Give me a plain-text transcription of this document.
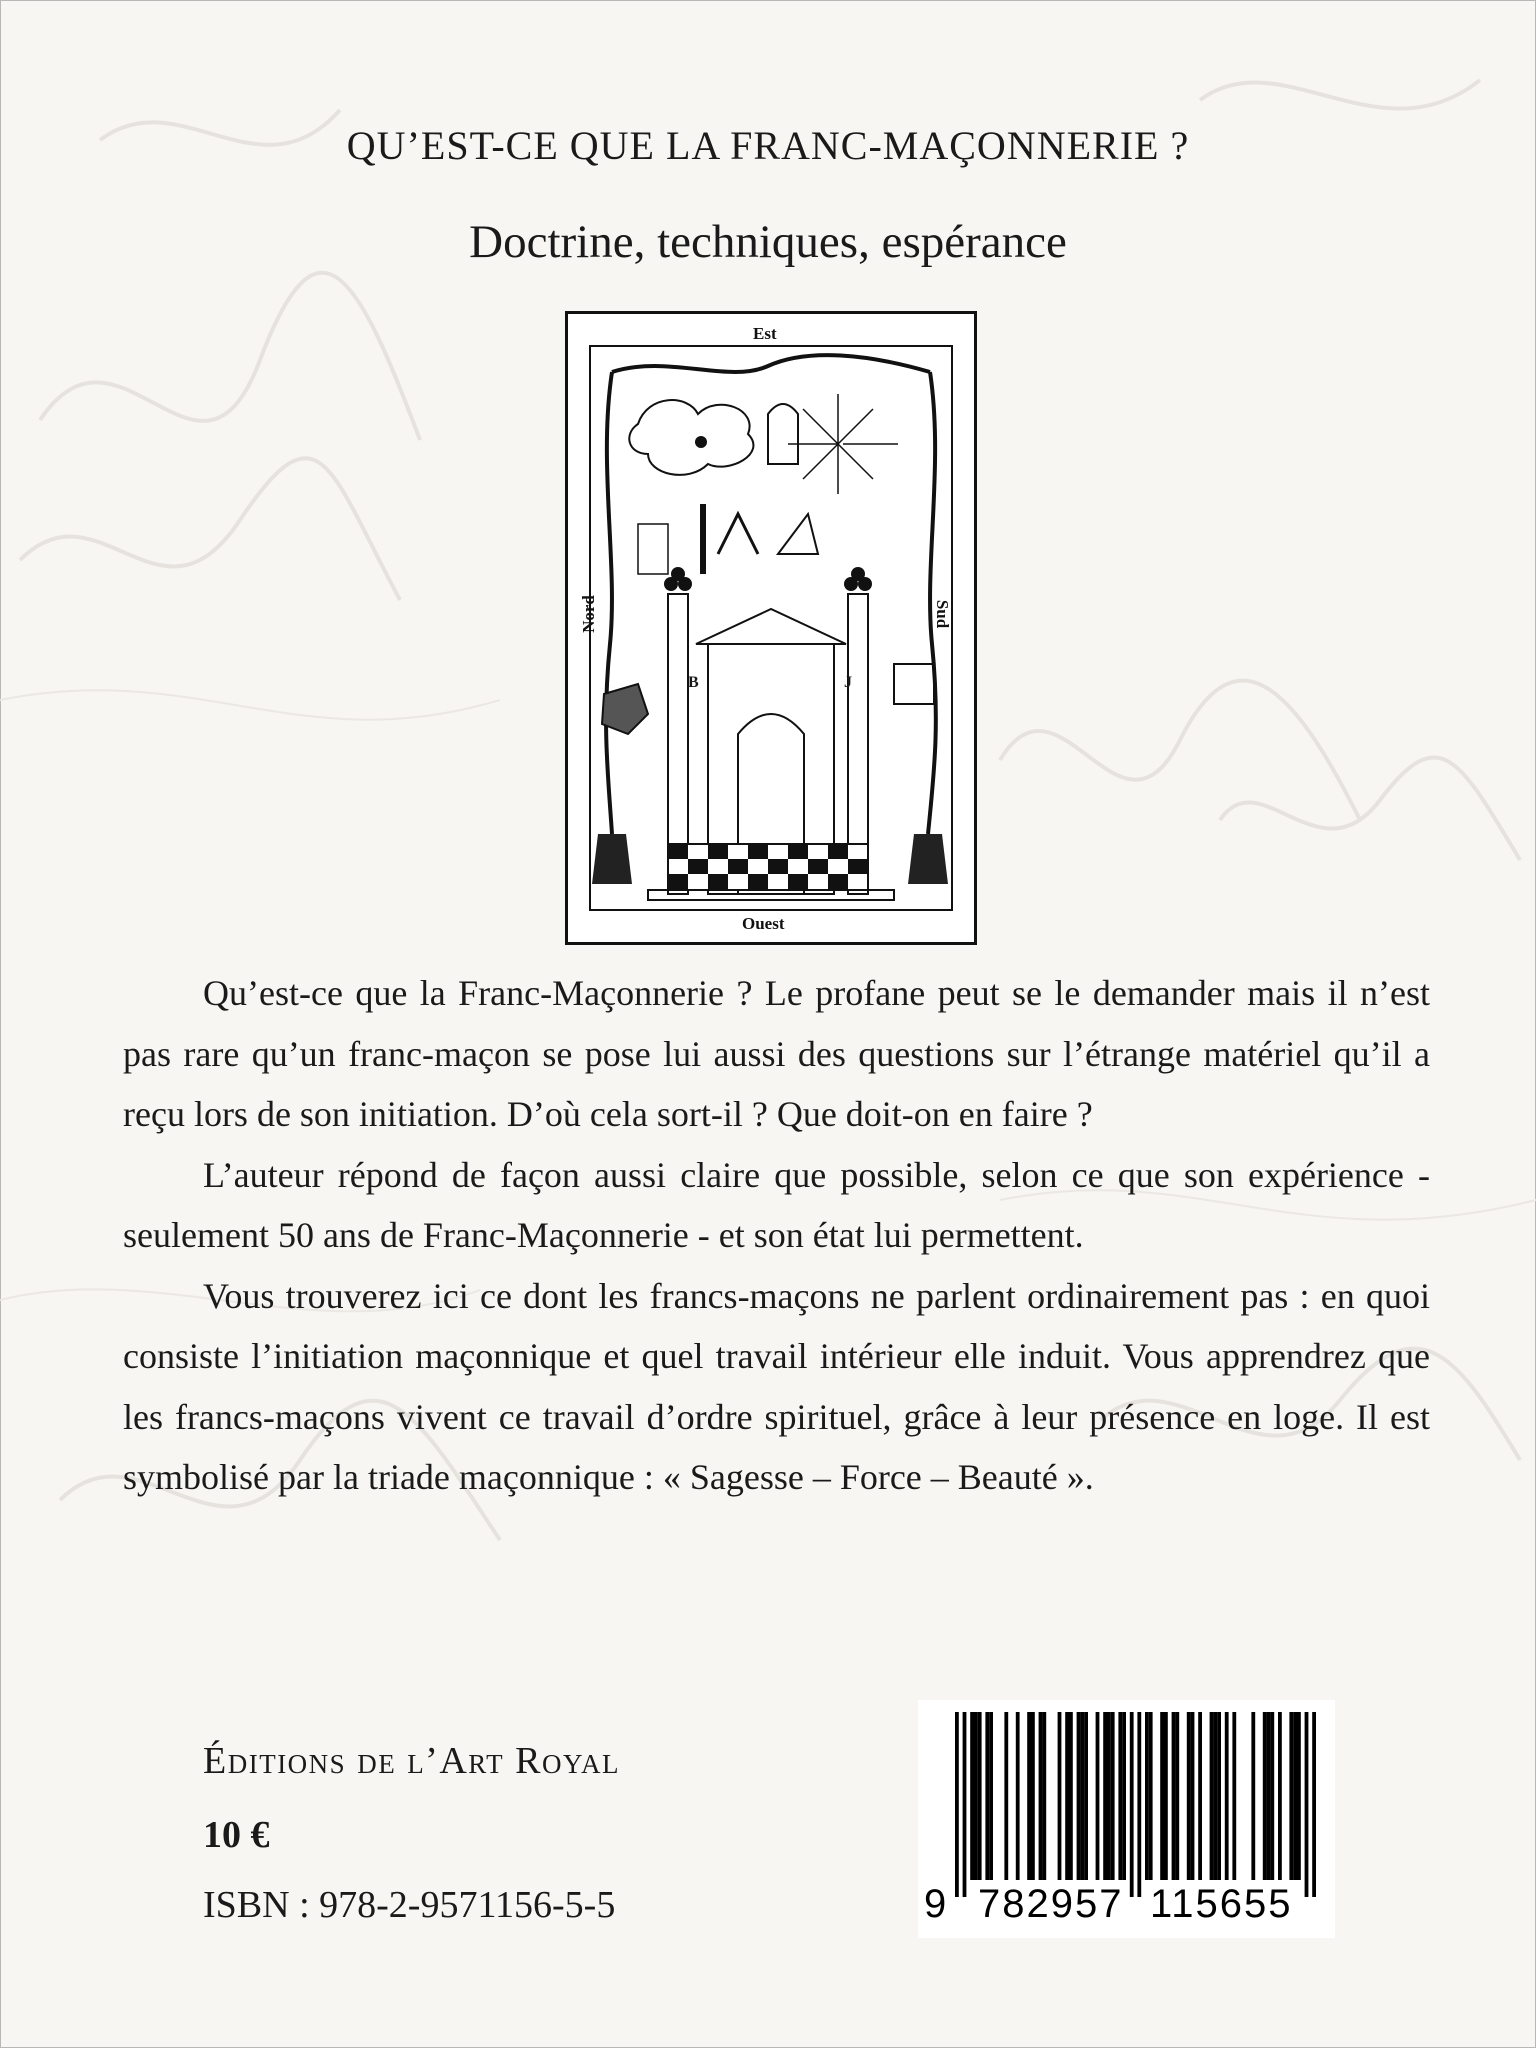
QU’EST-CE QUE LA FRANC-MAÇONNERIE ?
Doctrine, techniques, espérance
Est
Ouest
Nord	Sud
B	J

Qu’est-ce que la Franc-Maçonnerie ? Le profane peut se le demander mais il n’est pas rare qu’un franc-maçon se pose lui aussi des questions sur l’étrange matériel qu’il a reçu lors de son initiation. D’où cela sort-il ? Que doit-on en faire ?

L’auteur répond de façon aussi claire que possible, selon ce que son expérience - seulement 50 ans de Franc-Maçonnerie - et son état lui permettent.

Vous trouverez ici ce dont les francs-maçons ne parlent ordinairement pas : en quoi consiste l’initiation maçonnique et quel travail intérieur elle induit. Vous apprendrez que les francs-maçons vivent ce travail d’ordre spirituel, grâce à leur présence en loge. Il est symbolisé par la triade maçonnique : « Sagesse – Force – Beauté ».

Éditions de l’Art Royal
10 €
ISBN : 978-2-9571156-5-5	9 782957 115655
